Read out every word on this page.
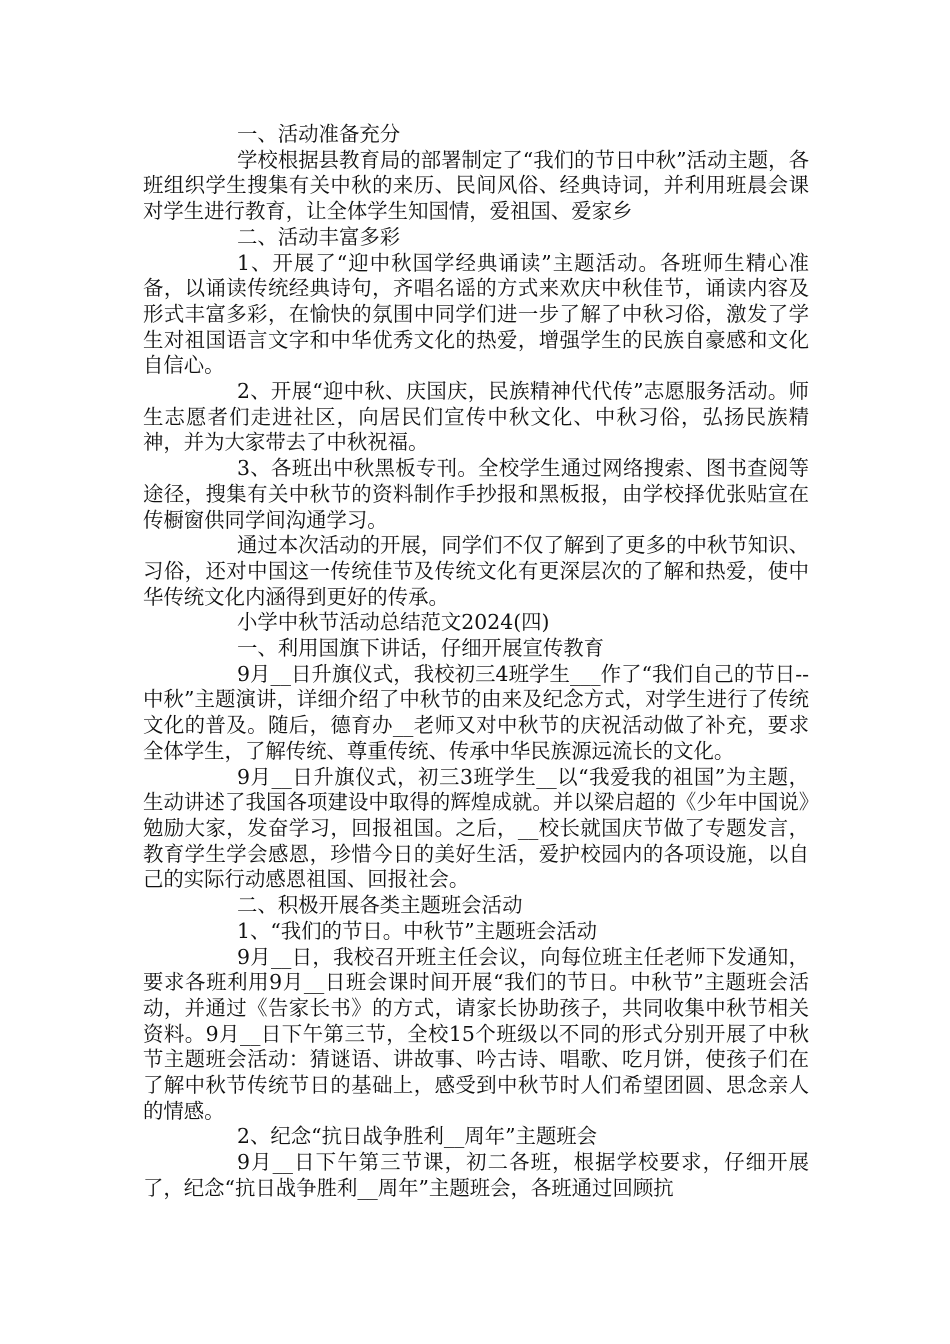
一、活动准备充分

学校根据县教育局的部署制定了“我们的节日中秋”活动主题，各班组织学生搜集有关中秋的来历、民间风俗、经典诗词，并利用班晨会课对学生进行教育，让全体学生知国情，爱祖国、爱家乡

二、活动丰富多彩

1、开展了“迎中秋国学经典诵读”主题活动。各班师生精心准备，以诵读传统经典诗句，齐唱名谣的方式来欢庆中秋佳节，诵读内容及形式丰富多彩，在愉快的氛围中同学们进一步了解了中秋习俗，激发了学生对祖国语言文字和中华优秀文化的热爱，增强学生的民族自豪感和文化自信心。

2、开展“迎中秋、庆国庆，民族精神代代传”志愿服务活动。师生志愿者们走进社区，向居民们宣传中秋文化、中秋习俗，弘扬民族精神，并为大家带去了中秋祝福。

3、各班出中秋黑板专刊。全校学生通过网络搜索、图书查阅等途径，搜集有关中秋节的资料制作手抄报和黑板报，由学校择优张贴宣在传橱窗供同学间沟通学习。

通过本次活动的开展，同学们不仅了解到了更多的中秋节知识、习俗，还对中国这一传统佳节及传统文化有更深层次的了解和热爱，使中华传统文化内涵得到更好的传承。

小学中秋节活动总结范文2024(四)

一、利用国旗下讲话，仔细开展宣传教育

9月__日升旗仪式，我校初三4班学生___作了“我们自己的节日--中秋”主题演讲，详细介绍了中秋节的由来及纪念方式，对学生进行了传统文化的普及。随后，德育办__老师又对中秋节的庆祝活动做了补充，要求全体学生，了解传统、尊重传统、传承中华民族源远流长的文化。

9月__日升旗仪式，初三3班学生__以“我爱我的祖国”为主题，生动讲述了我国各项建设中取得的辉煌成就。并以梁启超的《少年中国说》勉励大家，发奋学习，回报祖国。之后，__校长就国庆节做了专题发言，教育学生学会感恩，珍惜今日的美好生活，爱护校园内的各项设施，以自己的实际行动感恩祖国、回报社会。

二、积极开展各类主题班会活动

1、“我们的节日。中秋节”主题班会活动

9月__日，我校召开班主任会议，向每位班主任老师下发通知，要求各班利用9月__日班会课时间开展“我们的节日。中秋节”主题班会活动，并通过《告家长书》的方式，请家长协助孩子，共同收集中秋节相关资料。9月__日下午第三节，全校15个班级以不同的形式分别开展了中秋节主题班会活动：猜谜语、讲故事、吟古诗、唱歌、吃月饼，使孩子们在了解中秋节传统节日的基础上，感受到中秋节时人们希望团圆、思念亲人的情感。

2、纪念“抗日战争胜利__周年”主题班会

9月__日下午第三节课，初二各班，根据学校要求，仔细开展了，纪念“抗日战争胜利__周年”主题班会，各班通过回顾抗
